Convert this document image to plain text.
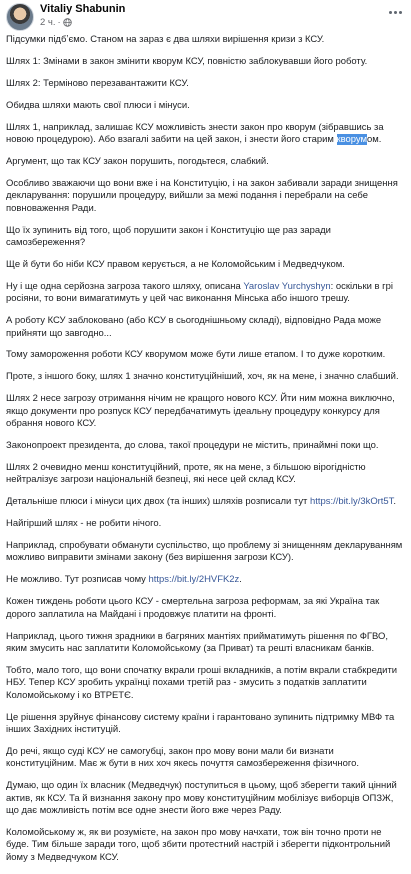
Vitaliy Shabunin
2 ч. ·

Підсумки підбʼємо. Станом на зараз є два шляхи вирішення кризи з КСУ.

Шлях 1: Змінами в закон змінити кворум КСУ, повністю заблокувавши його роботу.

Шлях 2: Терміново перезавантажити КСУ.

Обидва шляхи мають свої плюси і мінуси.

Шлях 1, наприклад, залишає КСУ можливість знести закон про кворум (зібравшись за новою процедурою). Або взагалі забити на цей закон, і знести його старим кворумом.

Аргумент, що так КСУ закон порушить, погодьтеся, слабкий.

Особливо зважаючи що вони вже і на Конституцію, і на закон забивали заради знищення декларування: порушили процедуру, вийшли за межі подання і перебрали на себе повноваження Ради.

Що їх зупинить від того, щоб порушити закон і Конституцію ще раз заради самозбереження?

Ще й бути бо ніби КСУ правом керується, а не Коломойським і Медведчуком.

Ну і ще одна серйозна загроза такого шляху, описана Yaroslav Yurchyshyn: оскільки в грі росіяни, то вони вимагатимуть у цей час виконання Мінська або іншого трешу.

А роботу КСУ заблоковано (або КСУ в сьогоднішньому складі), відповідно Рада може прийняти що завгодно...

Тому замороження роботи КСУ кворумом може бути лише етапом. І то дуже коротким.

Проте, з іншого боку, шлях 1 значно конституційніший, хоч, як на мене, і значно слабший.

Шлях 2 несе загрозу отримання нічим не кращого нового КСУ. Йти ним можна виключно, якщо документи про розпуск КСУ передбачатимуть ідеальну процедуру конкурсу для обрання нового КСУ.

Законопроект президента, до слова, такої процедури не містить, принаймні поки що.

Шлях 2 очевидно менш конституційний, проте, як на мене, з більшою вірогідністю нейтралізує загрози національній безпеці, які несе цей склад КСУ.

Детальніше плюси і мінуси цих двох (та інших) шляхів розписали тут https://bit.ly/3kOrt5T.

Найгірший шлях - не робити нічого.

Наприклад, спробувати обманути суспільство, що проблему зі знищенням декларуванням можливо виправити змінами закону (без вирішення загрози КСУ).

Не можливо. Тут розписав чому https://bit.ly/2HVFK2z.

Кожен тиждень роботи цього КСУ - смертельна загроза реформам, за які Україна так дорого заплатила на Майдані і продовжує платити на фронті.

Наприклад, цього тижня зрадники в багряних мантіях прийматимуть рішення по ФГВО, яким змусить нас заплатити Коломойському (за Приват) та решті власникам банків.

Тобто, мало того, що вони спочатку вкрали гроші вкладників, а потім вкрали стабкредити НБУ. Тепер КСУ зробить українці похами третій раз - змусить з податків заплатити Коломойському і ко ВТРЕТЄ.

Це рішення зруйнує фінансову систему країни і гарантовано зупинить підтримку МВФ та інших Західних інституцій.

До речі, якщо суді КСУ не самогубці, закон про мову вони мали би визнати конституційним. Має ж бути в них хоч якесь почуття самозбереження фізичного.

Думаю, що один їх власник (Медведчук) поступиться в цьому, щоб зберегти такий цінний актив, як КСУ. Та й визнання закону про мову конституційним мобілізує виборців ОПЗЖ, що дає можливість потім все одне знести його вже через Раду.

Коломойському ж, як ви розумієте, на закон про мову начхати, тож він точно проти не буде. Тим більше заради того, щоб збити протестний настрій і зберегти підконтрольний йому з Медведчуком КСУ.
